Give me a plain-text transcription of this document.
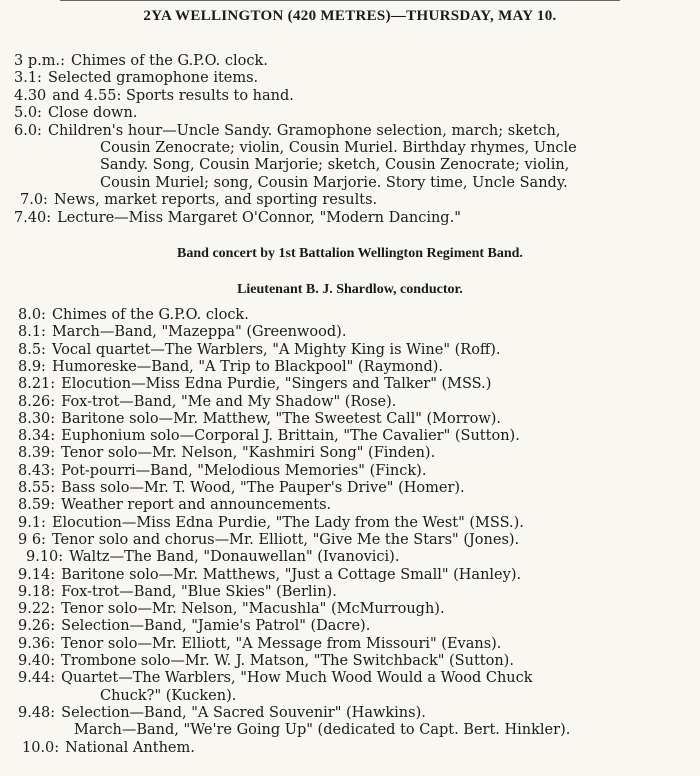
2YA WELLINGTON (420 METRES)—THURSDAY, MAY 10.
3 p.m.: Chimes of the G.P.O. clock.
3.1: Selected gramophone items.
4.30 and 4.55: Sports results to hand.
5.0: Close down.
6.0: Children's hour—Uncle Sandy. Gramophone selection, march; sketch,
Cousin Zenocrate; violin, Cousin Muriel. Birthday rhymes, Uncle
Sandy. Song, Cousin Marjorie; sketch, Cousin Zenocrate; violin,
Cousin Muriel; song, Cousin Marjorie. Story time, Uncle Sandy.
7.0: News, market reports, and sporting results.
7.40: Lecture—Miss Margaret O'Connor, "Modern Dancing."
Band concert by 1st Battalion Wellington Regiment Band.
Lieutenant B. J. Shardlow, conductor.
8.0: Chimes of the G.P.O. clock.
8.1: March—Band, "Mazeppa" (Greenwood).
8.5: Vocal quartet—The Warblers, "A Mighty King is Wine" (Roff).
8.9: Humoreske—Band, "A Trip to Blackpool" (Raymond).
8.21: Elocution—Miss Edna Purdie, "Singers and Talker" (MSS.)
8.26: Fox-trot—Band, "Me and My Shadow" (Rose).
8.30: Baritone solo—Mr. Matthew, "The Sweetest Call" (Morrow).
8.34: Euphonium solo—Corporal J. Brittain, "The Cavalier" (Sutton).
8.39: Tenor solo—Mr. Nelson, "Kashmiri Song" (Finden).
8.43: Pot-pourri—Band, "Melodious Memories" (Finck).
8.55: Bass solo—Mr. T. Wood, "The Pauper's Drive" (Homer).
8.59: Weather report and announcements.
9.1: Elocution—Miss Edna Purdie, "The Lady from the West" (MSS.).
9 6: Tenor solo and chorus—Mr. Elliott, "Give Me the Stars" (Jones).
9.10: Waltz—The Band, "Donauwellan" (Ivanovici).
9.14: Baritone solo—Mr. Matthews, "Just a Cottage Small" (Hanley).
9.18: Fox-trot—Band, "Blue Skies" (Berlin).
9.22: Tenor solo—Mr. Nelson, "Macushla" (McMurrough).
9.26: Selection—Band, "Jamie's Patrol" (Dacre).
9.36: Tenor solo—Mr. Elliott, "A Message from Missouri" (Evans).
9.40: Trombone solo—Mr. W. J. Matson, "The Switchback" (Sutton).
9.44: Quartet—The Warblers, "How Much Wood Would a Wood Chuck
Chuck?" (Kucken).
9.48: Selection—Band, "A Sacred Souvenir" (Hawkins).
March—Band, "We're Going Up" (dedicated to Capt. Bert. Hinkler).
10.0: National Anthem.
